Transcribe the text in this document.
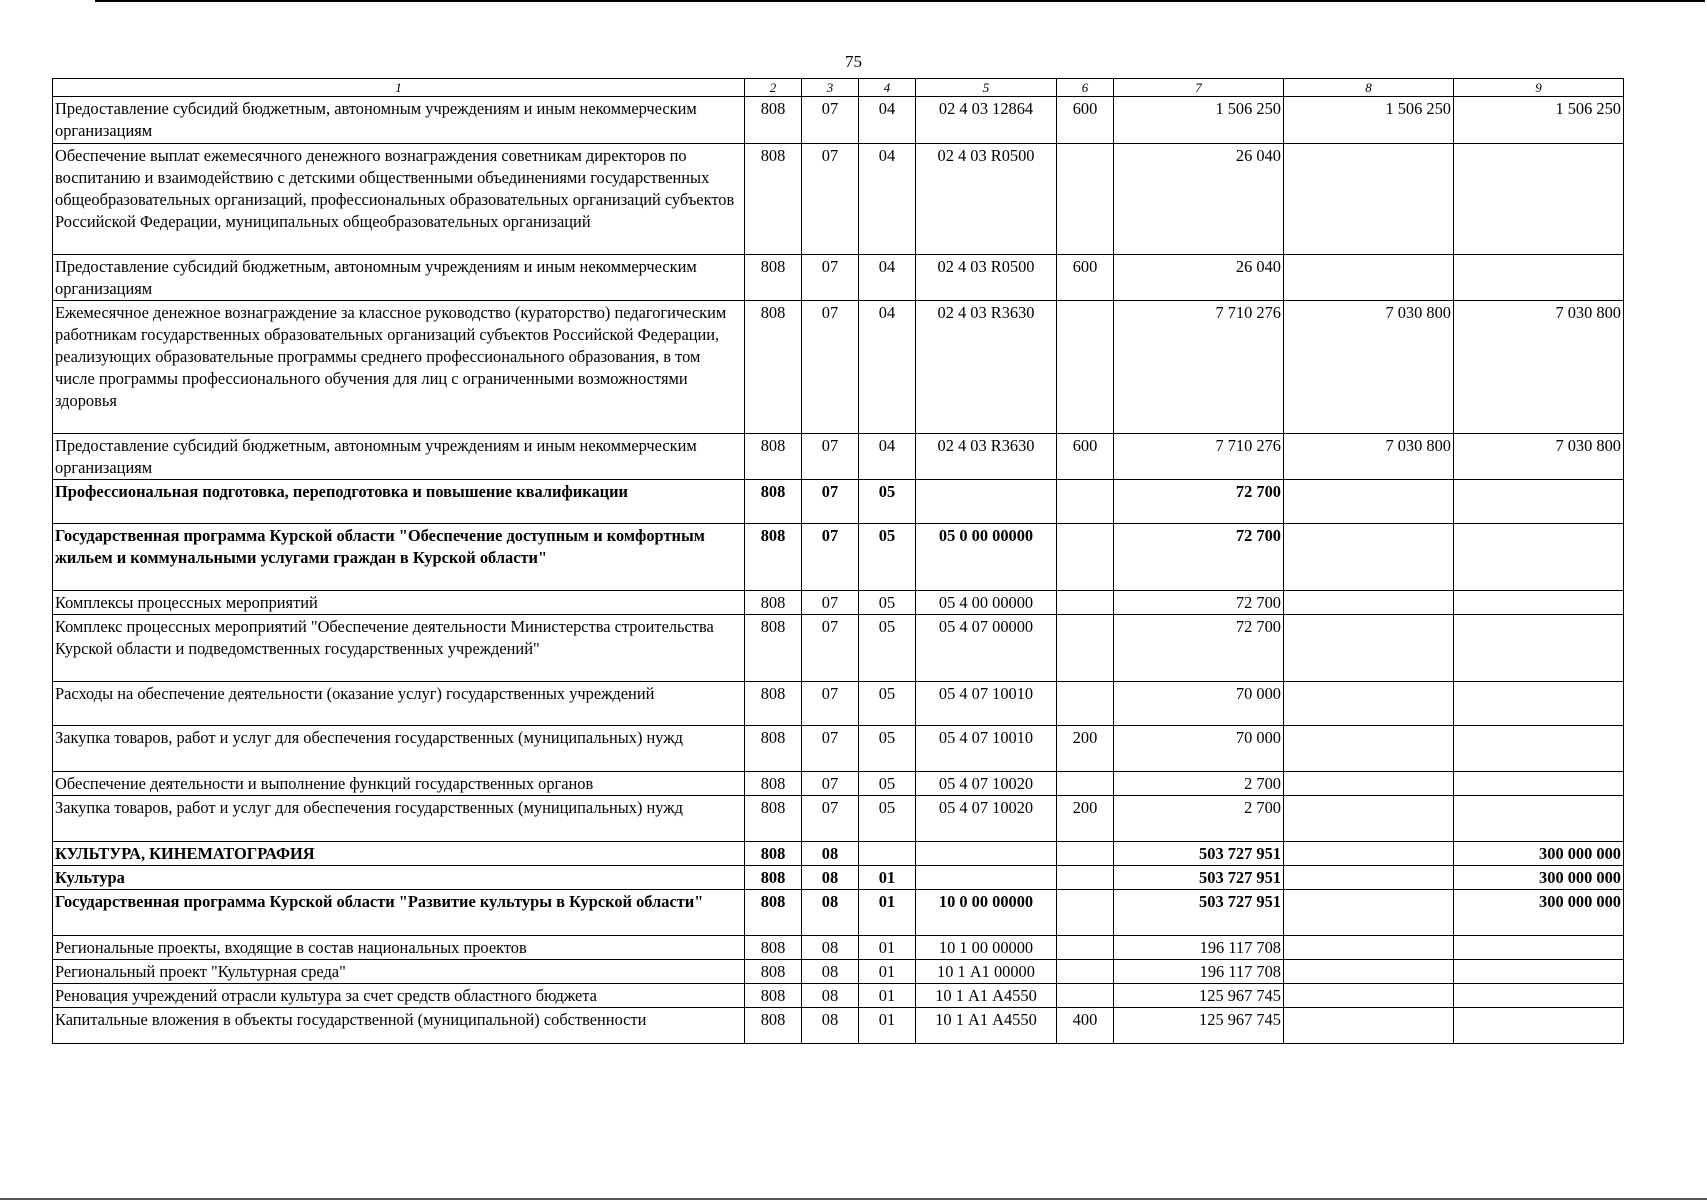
75
1	2	3	4	5	6	7	8	9
Предоставление субсидий бюджетным, автономным учреждениям и иным некоммерческим организациям	808	07	04	02 4 03 12864	600	1 506 250	1 506 250	1 506 250
Обеспечение выплат ежемесячного денежного вознаграждения советникам директоров по воспитанию и взаимодействию с детскими общественными объединениями государственных общеобразовательных организаций, профессиональных образовательных организаций субъектов Российской Федерации, муниципальных общеобразовательных организаций	808	07	04	02 4 03 R0500		26 040		
Предоставление субсидий бюджетным, автономным учреждениям и иным некоммерческим организациям	808	07	04	02 4 03 R0500	600	26 040		
Ежемесячное денежное вознаграждение за классное руководство (кураторство) педагогическим работникам государственных образовательных организаций субъектов Российской Федерации, реализующих образовательные программы среднего профессионального образования, в том числе программы профессионального обучения для лиц с ограниченными возможностями здоровья	808	07	04	02 4 03 R3630		7 710 276	7 030 800	7 030 800
Предоставление субсидий бюджетным, автономным учреждениям и иным некоммерческим организациям	808	07	04	02 4 03 R3630	600	7 710 276	7 030 800	7 030 800
Профессиональная подготовка, переподготовка и повышение квалификации	808	07	05			72 700		
Государственная программа Курской области "Обеспечение доступным и комфортным жильем и коммунальными услугами граждан в Курской области"	808	07	05	05 0 00 00000		72 700		
Комплексы процессных мероприятий	808	07	05	05 4 00 00000		72 700		
Комплекс процессных мероприятий "Обеспечение деятельности Министерства строительства Курской области и подведомственных государственных учреждений"	808	07	05	05 4 07 00000		72 700		
Расходы на обеспечение деятельности (оказание услуг) государственных учреждений	808	07	05	05 4 07 10010		70 000		
Закупка товаров, работ и услуг для обеспечения государственных (муниципальных) нужд	808	07	05	05 4 07 10010	200	70 000		
Обеспечение деятельности и выполнение функций государственных органов	808	07	05	05 4 07 10020		2 700		
Закупка товаров, работ и услуг для обеспечения государственных (муниципальных) нужд	808	07	05	05 4 07 10020	200	2 700		
КУЛЬТУРА, КИНЕМАТОГРАФИЯ	808	08				503 727 951		300 000 000
Культура	808	08	01			503 727 951		300 000 000
Государственная программа Курской области "Развитие культуры в Курской области"	808	08	01	10 0 00 00000		503 727 951		300 000 000
Региональные проекты, входящие в состав национальных проектов	808	08	01	10 1 00 00000		196 117 708		
Региональный проект "Культурная среда"	808	08	01	10 1 А1 00000		196 117 708		
Реновация учреждений отрасли культура за счет средств областного бюджета	808	08	01	10 1 А1 А4550		125 967 745		
Капитальные вложения в объекты государственной (муниципальной) собственности	808	08	01	10 1 А1 А4550	400	125 967 745		
